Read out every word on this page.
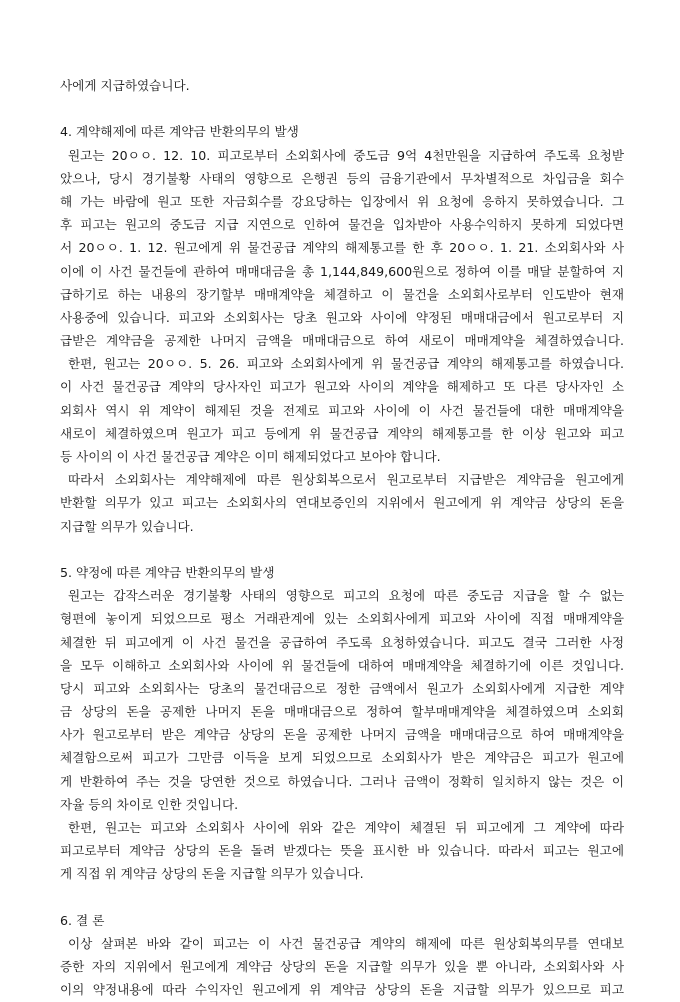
사에게 지급하였습니다.
4. 계약해제에 따른 계약금 반환의무의 발생
원고는 20ㅇㅇ. 12. 10. 피고로부터 소외회사에 중도금 9억 4천만원을 지급하여 주도록 요청받
았으나, 당시 경기불황 사태의 영향으로 은행권 등의 금융기관에서 무차별적으로 차입금을 회수
해 가는 바람에 원고 또한 자금회수를 강요당하는 입장에서 위 요청에 응하지 못하였습니다. 그
후 피고는 원고의 중도금 지급 지연으로 인하여 물건을 입차받아 사용수익하지 못하게 되었다면
서 20ㅇㅇ. 1. 12. 원고에게 위 물건공급 계약의 해제통고를 한 후 20ㅇㅇ. 1. 21. 소외회사와 사
이에 이 사건 물건들에 관하여 매매대금을 총 1,144,849,600원으로 정하여 이를 매달 분할하여 지
급하기로 하는 내용의 장기할부 매매계약을 체결하고 이 물건을 소외회사로부터 인도받아 현재
사용중에 있습니다. 피고와 소외회사는 당초 원고와 사이에 약정된 매매대금에서 원고로부터 지
급받은 계약금을 공제한 나머지 금액을 매매대금으로 하여 새로이 매매계약을 체결하였습니다.
한편, 원고는 20ㅇㅇ. 5. 26. 피고와 소외회사에게 위 물건공급 계약의 해제통고를 하였습니다.
이 사건 물건공급 계약의 당사자인 피고가 원고와 사이의 계약을 해제하고 또 다른 당사자인 소
외회사 역시 위 계약이 해제된 것을 전제로 피고와 사이에 이 사건 물건들에 대한 매매계약을
새로이 체결하였으며 원고가 피고 등에게 위 물건공급 계약의 해제통고를 한 이상 원고와 피고
등 사이의 이 사건 물건공급 계약은 이미 해제되었다고 보아야 합니다.
따라서 소외회사는 계약해제에 따른 원상회복으로서 원고로부터 지급받은 계약금을 원고에게
반환할 의무가 있고 피고는 소외회사의 연대보증인의 지위에서 원고에게 위 계약금 상당의 돈을
지급할 의무가 있습니다.
5. 약정에 따른 계약금 반환의무의 발생
원고는 갑작스러운 경기불황 사태의 영향으로 피고의 요청에 따른 중도금 지급을 할 수 없는
형편에 놓이게 되었으므로 평소 거래관계에 있는 소외회사에게 피고와 사이에 직접 매매계약을
체결한 뒤 피고에게 이 사건 물건을 공급하여 주도록 요청하였습니다. 피고도 결국 그러한 사정
을 모두 이해하고 소외회사와 사이에 위 물건들에 대하여 매매계약을 체결하기에 이른 것입니다.
당시 피고와 소외회사는 당초의 물건대금으로 정한 금액에서 원고가 소외회사에게 지급한 계약
금 상당의 돈을 공제한 나머지 돈을 매매대금으로 정하여 할부매매계약을 체결하였으며 소외회
사가 원고로부터 받은 계약금 상당의 돈을 공제한 나머지 금액을 매매대금으로 하여 매매계약을
체결함으로써 피고가 그만큼 이득을 보게 되었으므로 소외회사가 받은 계약금은 피고가 원고에
게 반환하여 주는 것을 당연한 것으로 하였습니다. 그러나 금액이 정확히 일치하지 않는 것은 이
자율 등의 차이로 인한 것입니다.
한편, 원고는 피고와 소외회사 사이에 위와 같은 계약이 체결된 뒤 피고에게 그 계약에 따라
피고로부터 계약금 상당의 돈을 돌려 받겠다는 뜻을 표시한 바 있습니다. 따라서 피고는 원고에
게 직접 위 계약금 상당의 돈을 지급할 의무가 있습니다.
6. 결 론
이상 살펴본 바와 같이 피고는 이 사건 물건공급 계약의 해제에 따른 원상회복의무를 연대보
증한 자의 지위에서 원고에게 계약금 상당의 돈을 지급할 의무가 있을 뿐 아니라, 소외회사와 사
이의 약정내용에 따라 수익자인 원고에게 위 계약금 상당의 돈을 지급할 의무가 있으므로 피고
